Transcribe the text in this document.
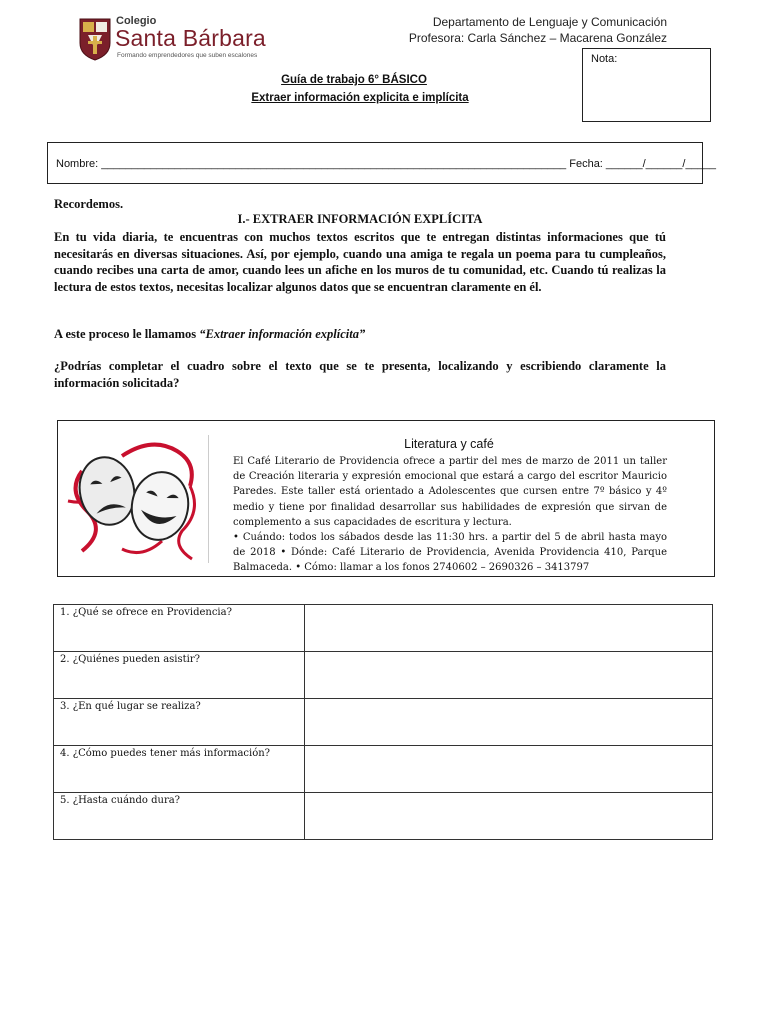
Colegio
Santa Bárbara
Formando emprendedores que suben escalones
Departamento de Lenguaje y Comunicación
Profesora: Carla Sánchez – Macarena González
Nota:
Guía de trabajo 6° BÁSICO
Extraer información explicita e implícita
Nombre: ____________________________________________________________________________ Fecha: ______/______/_____
Recordemos.
I.- EXTRAER INFORMACIÓN EXPLÍCITA
En tu vida diaria, te encuentras con muchos textos escritos que te entregan distintas informaciones que tú necesitarás en diversas situaciones. Así, por ejemplo, cuando una amiga te regala un poema para tu cumpleaños, cuando recibes una carta de amor, cuando lees un afiche en los muros de tu comunidad, etc. Cuando tú realizas la lectura de estos textos, necesitas localizar algunos datos que se encuentran claramente en él.
A este proceso le llamamos “Extraer información explícita”
¿Podrías completar el cuadro sobre el texto que se te presenta, localizando y escribiendo claramente la información solicitada?
Literatura y café
El Café Literario de Providencia ofrece a partir del mes de marzo de 2011 un taller de Creación literaria y expresión emocional que estará a cargo del escritor Mauricio Paredes. Este taller está orientado a Adolescentes que cursen entre 7º básico y 4º medio y tiene por finalidad desarrollar sus habilidades de expresión que sirvan de complemento a sus capacidades de escritura y lectura.
• Cuándo: todos los sábados desde las 11:30 hrs. a partir del 5 de abril hasta mayo de 2018 • Dónde: Café Literario de Providencia, Avenida Providencia 410, Parque Balmaceda. • Cómo: llamar a los fonos 2740602 – 2690326 – 3413797
1. ¿Qué se ofrece en Providencia?	
2. ¿Quiénes pueden asistir?	
3. ¿En qué lugar se realiza?	
4. ¿Cómo puedes tener más información?	
5. ¿Hasta cuándo dura?	
